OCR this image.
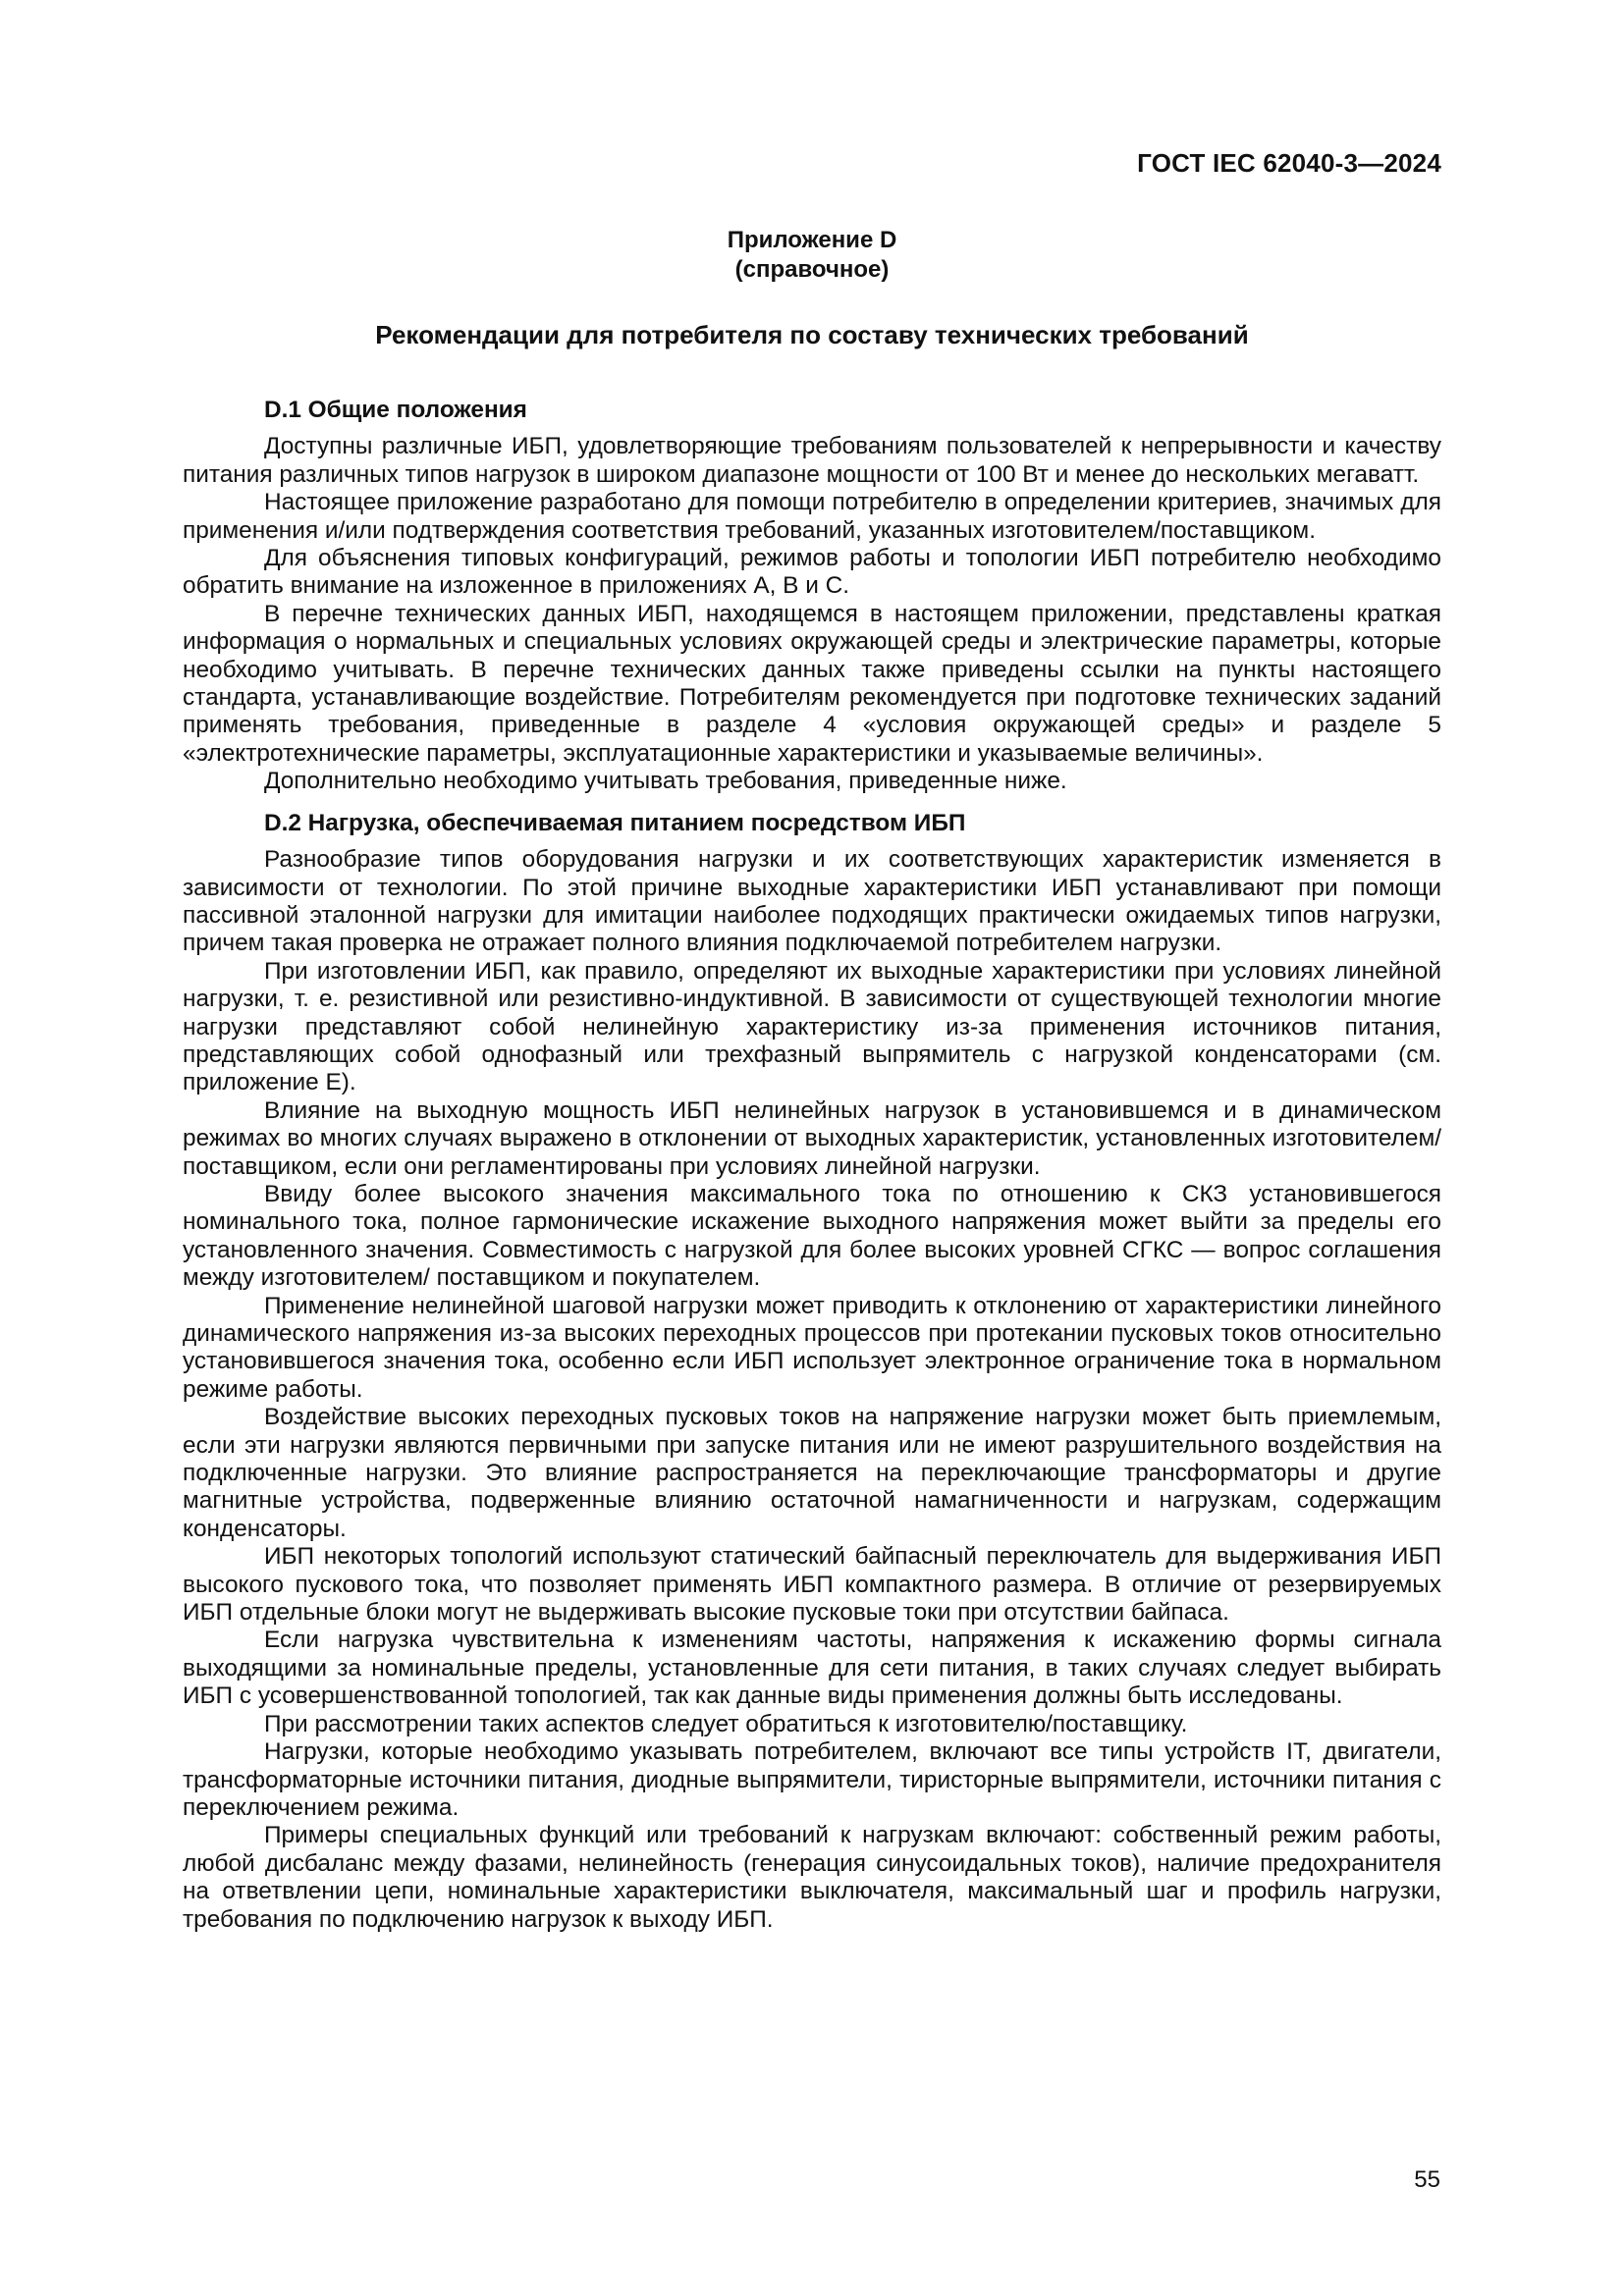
ГОСТ IEC 62040-3—2024
Приложение D
(справочное)
Рекомендации для потребителя по составу технических требований
D.1 Общие положения

Доступны различные ИБП, удовлетворяющие требованиям пользователей к непрерывности и качеству питания различных типов нагрузок в широком диапазоне мощности от 100 Вт и менее до нескольких мегаватт.

Настоящее приложение разработано для помощи потребителю в определении критериев, значимых для применения и/или подтверждения соответствия требований, указанных изготовителем/поставщиком.

Для объяснения типовых конфигураций, режимов работы и топологии ИБП потребителю необходимо обратить внимание на изложенное в приложениях А, В и С.

В перечне технических данных ИБП, находящемся в настоящем приложении, представлены краткая информация о нормальных и специальных условиях окружающей среды и электрические параметры, которые необходимо учитывать. В перечне технических данных также приведены ссылки на пункты настоящего стандарта, устанавливающие воздействие. Потребителям рекомендуется при подготовке технических заданий применять требования, приведенные в разделе 4 «условия окружающей среды» и разделе 5 «электротехнические параметры, эксплуатационные характеристики и указываемые величины».

Дополнительно необходимо учитывать требования, приведенные ниже.

D.2 Нагрузка, обеспечиваемая питанием посредством ИБП

Разнообразие типов оборудования нагрузки и их соответствующих характеристик изменяется в зависимости от технологии. По этой причине выходные характеристики ИБП устанавливают при помощи пассивной эталонной нагрузки для имитации наиболее подходящих практически ожидаемых типов нагрузки, причем такая проверка не отражает полного влияния подключаемой потребителем нагрузки.

При изготовлении ИБП, как правило, определяют их выходные характеристики при условиях линейной нагрузки, т. е. резистивной или резистивно-индуктивной. В зависимости от существующей технологии многие нагрузки представляют собой нелинейную характеристику из-за применения источников питания, представляющих собой однофазный или трехфазный выпрямитель с нагрузкой конденсаторами (см. приложение Е).

Влияние на выходную мощность ИБП нелинейных нагрузок в установившемся и в динамическом режимах во многих случаях выражено в отклонении от выходных характеристик, установленных изготовителем/поставщиком, если они регламентированы при условиях линейной нагрузки.

Ввиду более высокого значения максимального тока по отношению к СКЗ установившегося номинального тока, полное гармонические искажение выходного напряжения может выйти за пределы его установленного значения. Совместимость с нагрузкой для более высоких уровней СГКС — вопрос соглашения между изготовителем/ поставщиком и покупателем.

Применение нелинейной шаговой нагрузки может приводить к отклонению от характеристики линейного динамического напряжения из-за высоких переходных процессов при протекании пусковых токов относительно установившегося значения тока, особенно если ИБП использует электронное ограничение тока в нормальном режиме работы.

Воздействие высоких переходных пусковых токов на напряжение нагрузки может быть приемлемым, если эти нагрузки являются первичными при запуске питания или не имеют разрушительного воздействия на подключенные нагрузки. Это влияние распространяется на переключающие трансформаторы и другие магнитные устройства, подверженные влиянию остаточной намагниченности и нагрузкам, содержащим конденсаторы.

ИБП некоторых топологий используют статический байпасный переключатель для выдерживания ИБП высокого пускового тока, что позволяет применять ИБП компактного размера. В отличие от резервируемых ИБП отдельные блоки могут не выдерживать высокие пусковые токи при отсутствии байпаса.

Если нагрузка чувствительна к изменениям частоты, напряжения к искажению формы сигнала выходящими за номинальные пределы, установленные для сети питания, в таких случаях следует выбирать ИБП с усовершенствованной топологией, так как данные виды применения должны быть исследованы.

При рассмотрении таких аспектов следует обратиться к изготовителю/поставщику.

Нагрузки, которые необходимо указывать потребителем, включают все типы устройств IT, двигатели, трансформаторные источники питания, диодные выпрямители, тиристорные выпрямители, источники питания с переключением режима.

Примеры специальных функций или требований к нагрузкам включают: собственный режим работы, любой дисбаланс между фазами, нелинейность (генерация синусоидальных токов), наличие предохранителя на ответвлении цепи, номинальные характеристики выключателя, максимальный шаг и профиль нагрузки, требования по подключению нагрузок к выходу ИБП.

55
